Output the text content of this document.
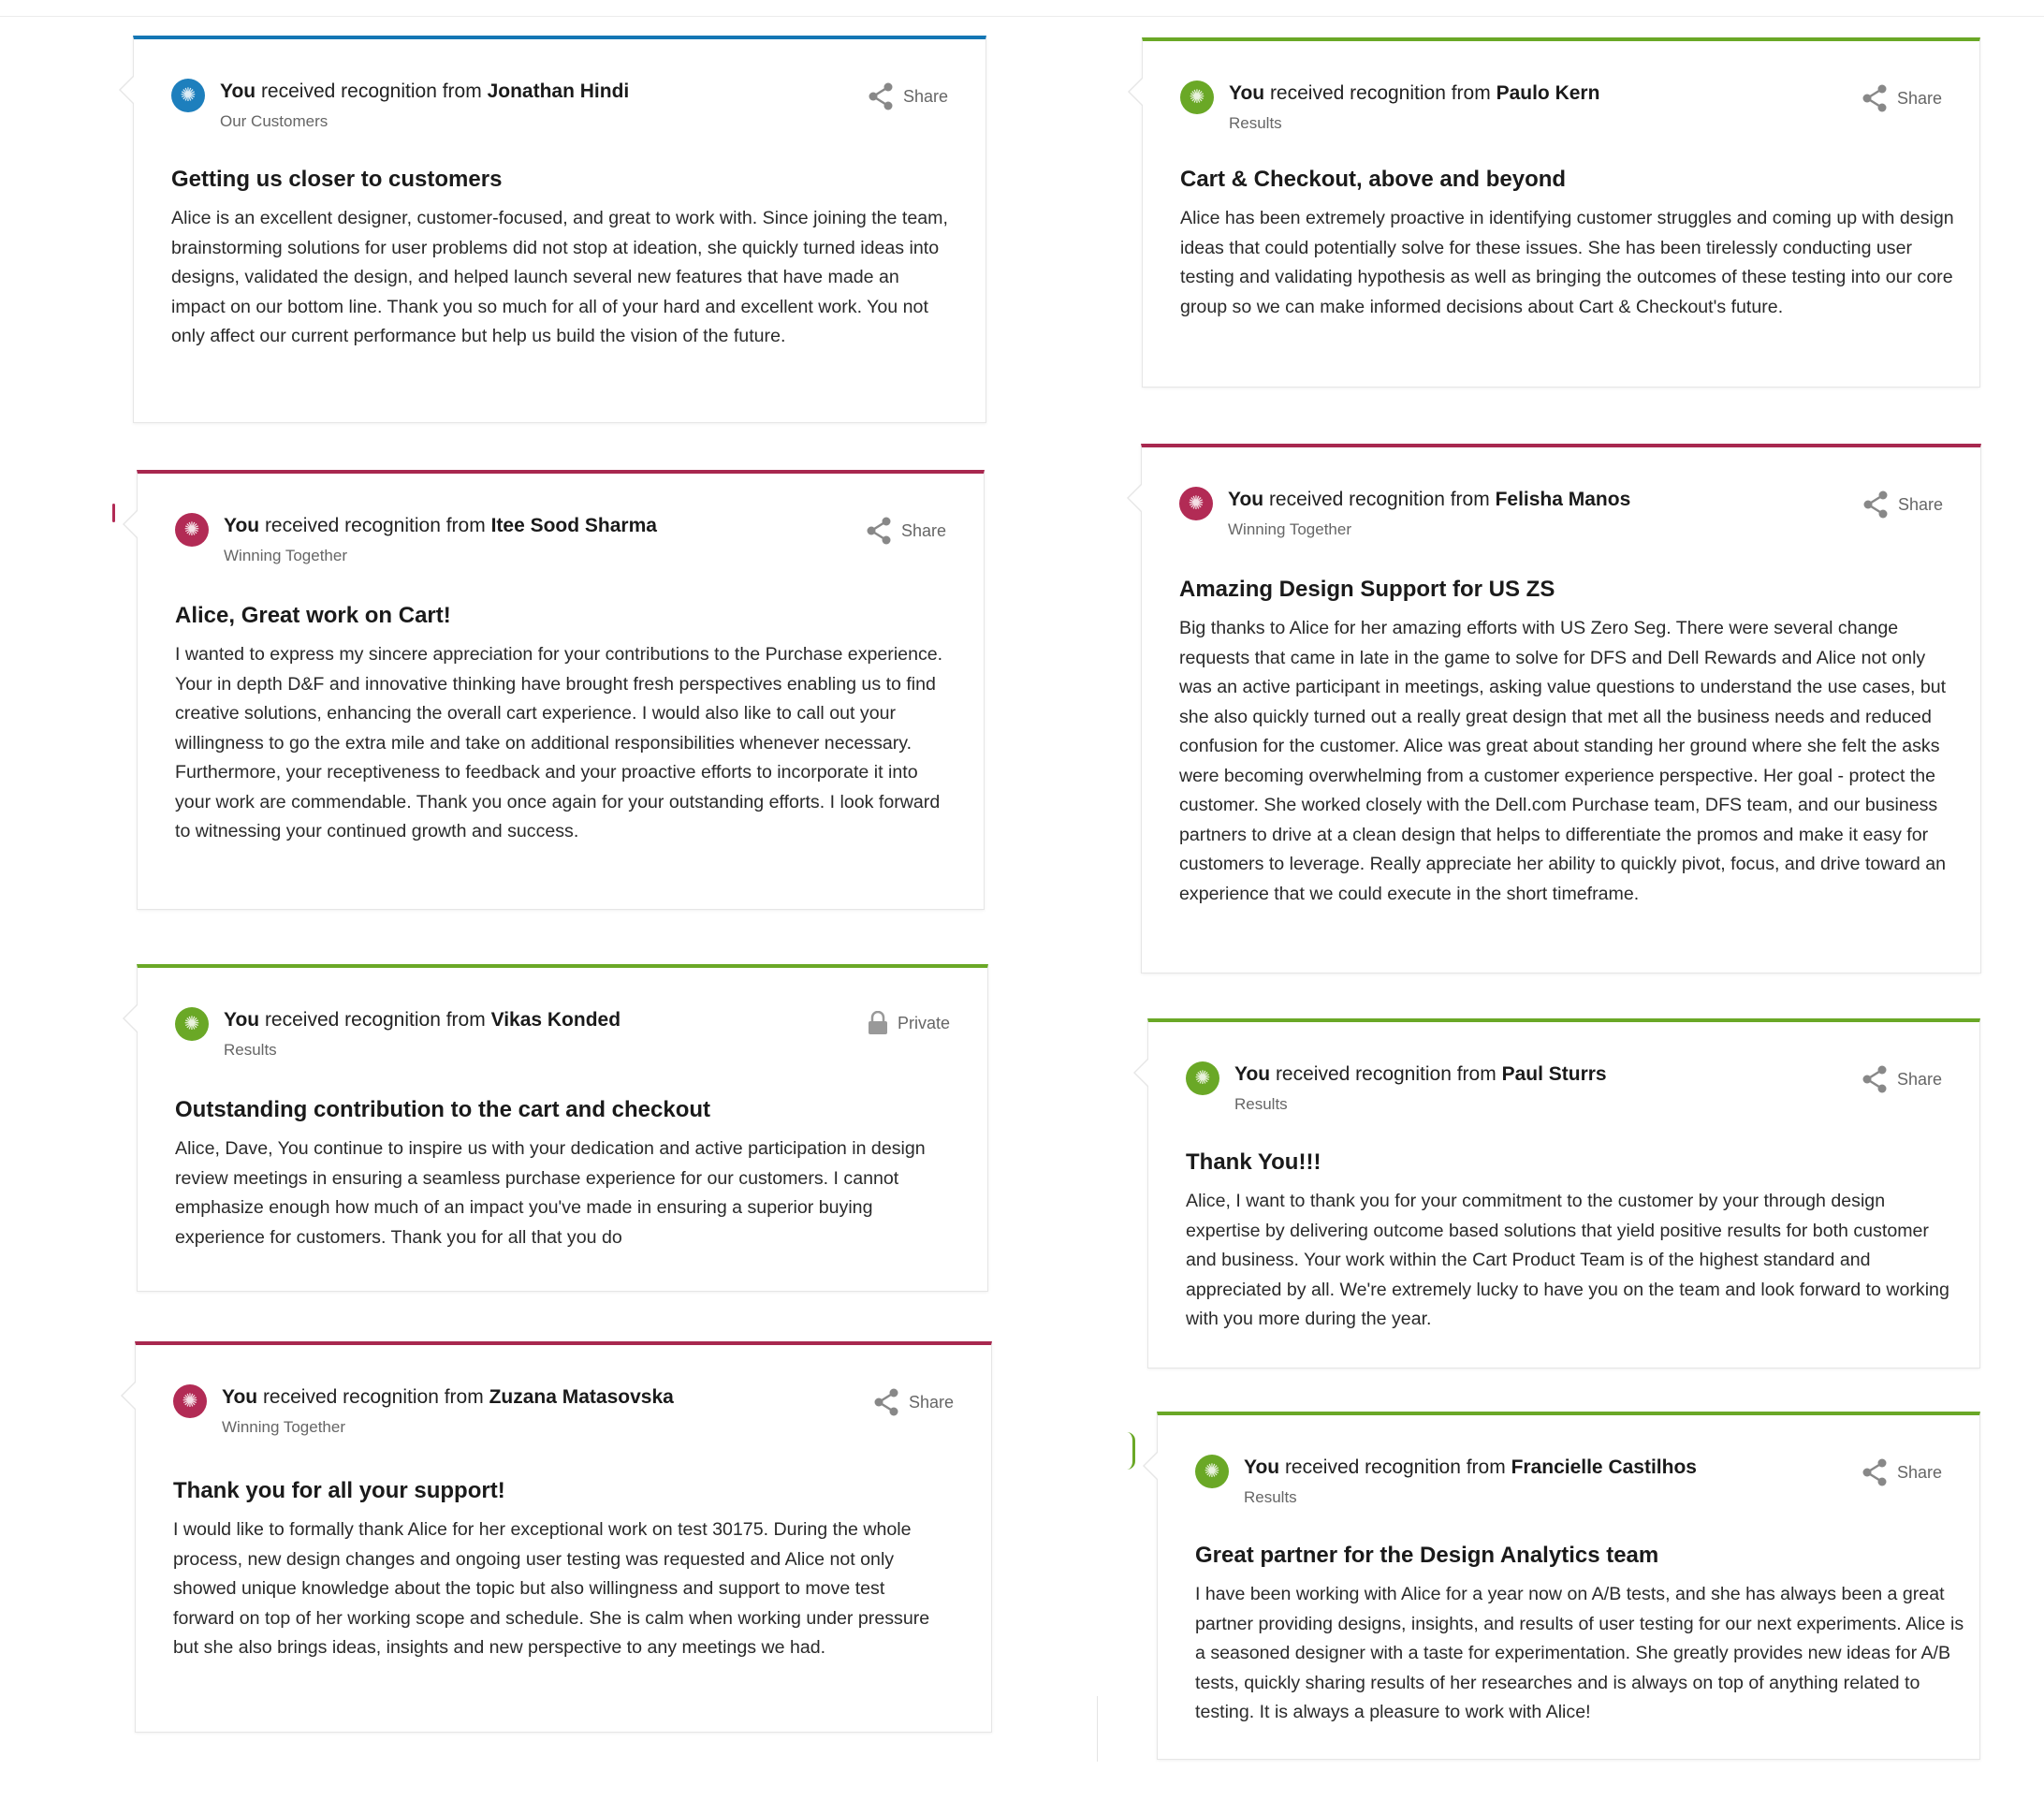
✺	You received recognition from Jonathan Hindi
Our Customers
Share
Getting us closer to customers
Alice is an excellent designer, customer-focused, and great to work with. Since joining the team, brainstorming solutions for user problems did not stop at ideation, she quickly turned ideas into designs, validated the design, and helped launch several new features that have made an impact on our bottom line. Thank you so much for all of your hard and excellent work. You not only affect our current performance but help us build the vision of the future.
✺	You received recognition from Itee Sood Sharma
Winning Together
Share
Alice, Great work on Cart!
I wanted to express my sincere appreciation for your contributions to the Purchase experience. Your in depth D&F and innovative thinking have brought fresh perspectives enabling us to find creative solutions, enhancing the overall cart experience. I would also like to call out your willingness to go the extra mile and take on additional responsibilities whenever necessary. Furthermore, your receptiveness to feedback and your proactive efforts to incorporate it into your work are commendable. Thank you once again for your outstanding efforts. I look forward to witnessing your continued growth and success.
✺	You received recognition from Vikas Konded
Results
Private
Outstanding contribution to the cart and checkout
Alice, Dave, You continue to inspire us with your dedication and active participation in design review meetings in ensuring a seamless purchase experience for our customers. I cannot emphasize enough how much of an impact you've made in ensuring a superior buying experience for customers. Thank you for all that you do
✺	You received recognition from Zuzana Matasovska
Winning Together
Share
Thank you for all your support!
I would like to formally thank Alice for her exceptional work on test 30175. During the whole process, new design changes and ongoing user testing was requested and Alice not only showed unique knowledge about the topic but also willingness and support to move test forward on top of her working scope and schedule. She is calm when working under pressure but she also brings ideas, insights and new perspective to any meetings we had.
✺	You received recognition from Paulo Kern
Results
Share
Cart & Checkout, above and beyond
Alice has been extremely proactive in identifying customer struggles and coming up with design ideas that could potentially solve for these issues. She has been tirelessly conducting user testing and validating hypothesis as well as bringing the outcomes of these testing into our core group so we can make informed decisions about Cart & Checkout's future.
✺	You received recognition from Felisha Manos
Winning Together
Share
Amazing Design Support for US ZS
Big thanks to Alice for her amazing efforts with US Zero Seg. There were several change requests that came in late in the game to solve for DFS and Dell Rewards and Alice not only was an active participant in meetings, asking value questions to understand the use cases, but she also quickly turned out a really great design that met all the business needs and reduced confusion for the customer. Alice was great about standing her ground where she felt the asks were becoming overwhelming from a customer experience perspective. Her goal - protect the customer. She worked closely with the Dell.com Purchase team, DFS team, and our business partners to drive at a clean design that helps to differentiate the promos and make it easy for customers to leverage. Really appreciate her ability to quickly pivot, focus, and drive toward an experience that we could execute in the short timeframe.
✺	You received recognition from Paul Sturrs
Results
Share
Thank You!!!
Alice, I want to thank you for your commitment to the customer by your through design expertise by delivering outcome based solutions that yield positive results for both customer and business. Your work within the Cart Product Team is of the highest standard and appreciated by all. We're extremely lucky to have you on the team and look forward to working with you more during the year.
✺	You received recognition from Francielle Castilhos
Results
Share
Great partner for the Design Analytics team
I have been working with Alice for a year now on A/B tests, and she has always been a great partner providing designs, insights, and results of user testing for our next experiments. Alice is a seasoned designer with a taste for experimentation. She greatly provides new ideas for A/B tests, quickly sharing results of her researches and is always on top of anything related to testing. It is always a pleasure to work with Alice!
